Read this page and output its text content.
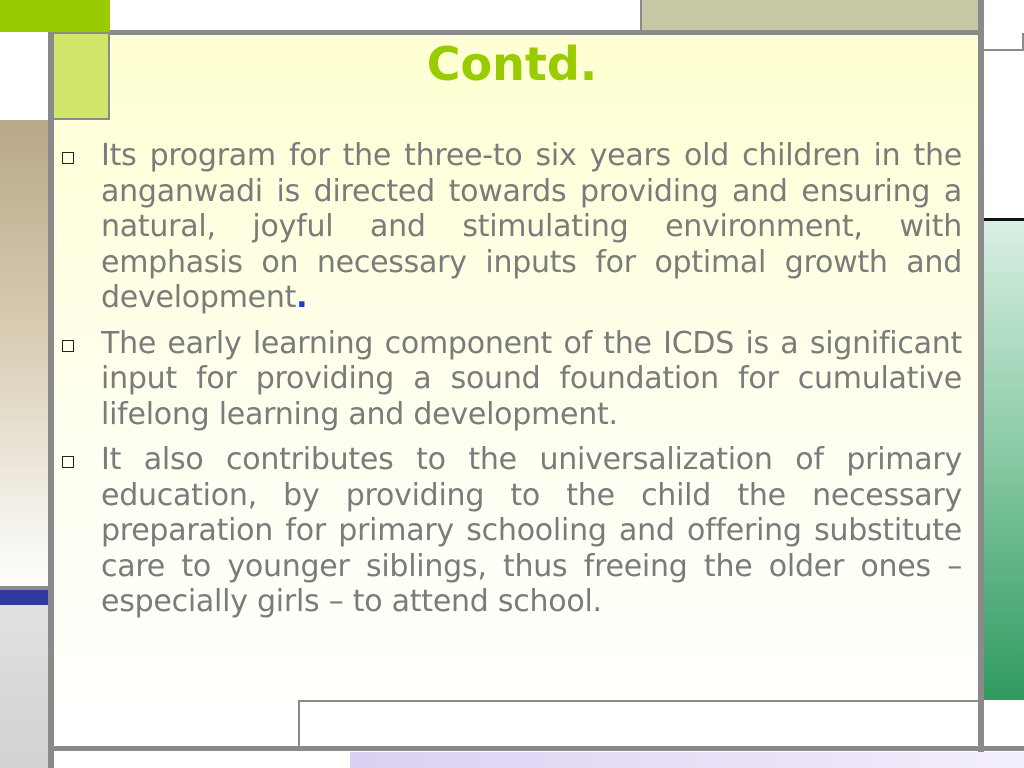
Contd.
Its program for the three-to six years old children in the anganwadi is directed towards providing and ensuring a natural, joyful and stimulating environment, with emphasis on necessary inputs for optimal growth and development.
The early learning component of the ICDS is a significant input for providing a sound foundation for cumulative lifelong learning and development.
It also contributes to the universalization of primary education, by providing to the child the necessary preparation for primary schooling and offering substitute care to younger siblings, thus freeing the older ones – especially girls – to attend school.
